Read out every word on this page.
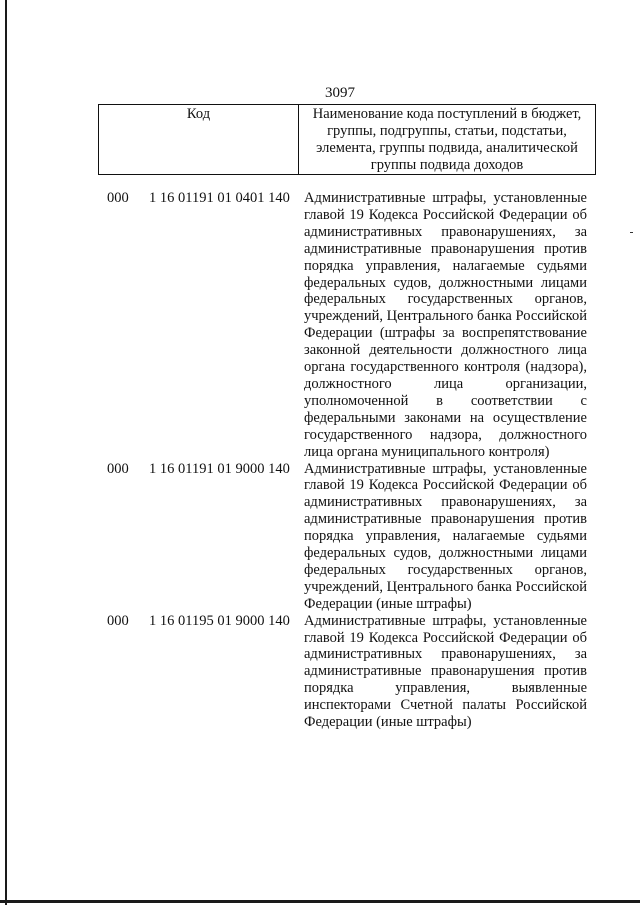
3097
Код	Наименование кода поступлений в бюджет, группы, подгруппы, статьи, подстатьи, элемента, группы подвида, аналитической группы подвида доходов
000	1 16 01191 01 0401 140 Административные штрафы, установленные главой 19 Кодекса Российской Федерации об административных правонарушениях, за административные правонарушения против порядка управления, налагаемые судьями федеральных судов, должностными лицами федеральных государственных органов, учреждений, Центрального банка Российской Федерации (штрафы за воспрепятствование законной деятельности должностного лица органа государственного контроля (надзора), должностного лица организации, уполномоченной в соответствии с федеральными законами на осуществление государственного надзора, должностного лица органа муниципального контроля)
000	1 16 01191 01 9000 140 Административные штрафы, установленные главой 19 Кодекса Российской Федерации об административных правонарушениях, за административные правонарушения против порядка управления, налагаемые судьями федеральных судов, должностными лицами федеральных государственных органов, учреждений, Центрального банка Российской Федерации (иные штрафы)
000	1 16 01195 01 9000 140 Административные штрафы, установленные главой 19 Кодекса Российской Федерации об административных правонарушениях, за административные правонарушения против порядка управления, выявленные инспекторами Счетной палаты Российской Федерации (иные штрафы)
